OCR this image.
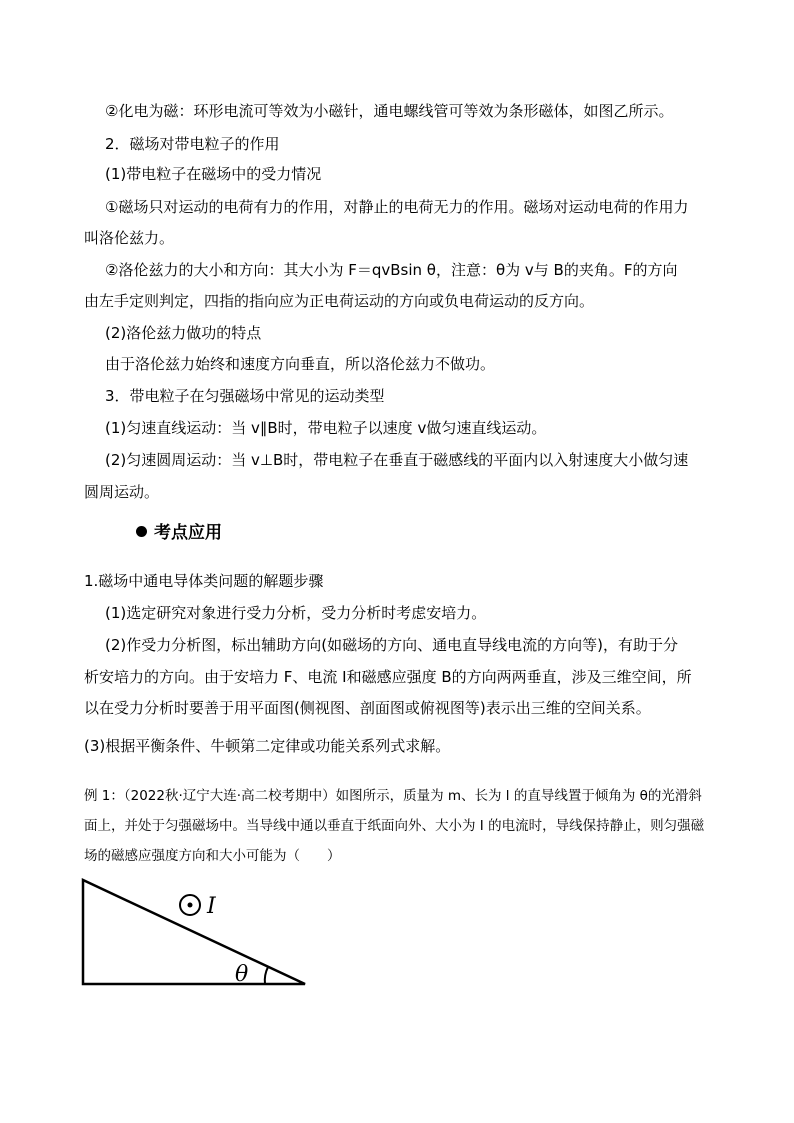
②化电为磁：环形电流可等效为小磁针，通电螺线管可等效为条形磁体，如图乙所示。
2．磁场对带电粒子的作用
(1)带电粒子在磁场中的受力情况
①磁场只对运动的电荷有力的作用，对静止的电荷无力的作用。磁场对运动电荷的作用力
叫洛伦兹力。
②洛伦兹力的大小和方向：其大小为 F＝qvBsin θ，注意：θ为 v与 B的夹角。F的方向
由左手定则判定，四指的指向应为正电荷运动的方向或负电荷运动的反方向。
(2)洛伦兹力做功的特点
由于洛伦兹力始终和速度方向垂直，所以洛伦兹力不做功。
3．带电粒子在匀强磁场中常见的运动类型
(1)匀速直线运动：当 v∥B时，带电粒子以速度 v做匀速直线运动。
(2)匀速圆周运动：当 v⊥B时，带电粒子在垂直于磁感线的平面内以入射速度大小做匀速
圆周运动。
考点应用
1.磁场中通电导体类问题的解题步骤
(1)选定研究对象进行受力分析，受力分析时考虑安培力。
(2)作受力分析图，标出辅助方向(如磁场的方向、通电直导线电流的方向等)，有助于分
析安培力的方向。由于安培力 F、电流 I和磁感应强度 B的方向两两垂直，涉及三维空间，所
以在受力分析时要善于用平面图(侧视图、剖面图或俯视图等)表示出三维的空间关系。
(3)根据平衡条件、牛顿第二定律或功能关系列式求解。
例 1：（2022秋·辽宁大连·高二校考期中）如图所示，质量为 m、长为 l 的直导线置于倾角为 θ的光滑斜
面上，并处于匀强磁场中。当导线中通以垂直于纸面向外、大小为 I 的电流时，导线保持静止，则匀强磁
场的磁感应强度方向和大小可能为（　　）
I
θ
